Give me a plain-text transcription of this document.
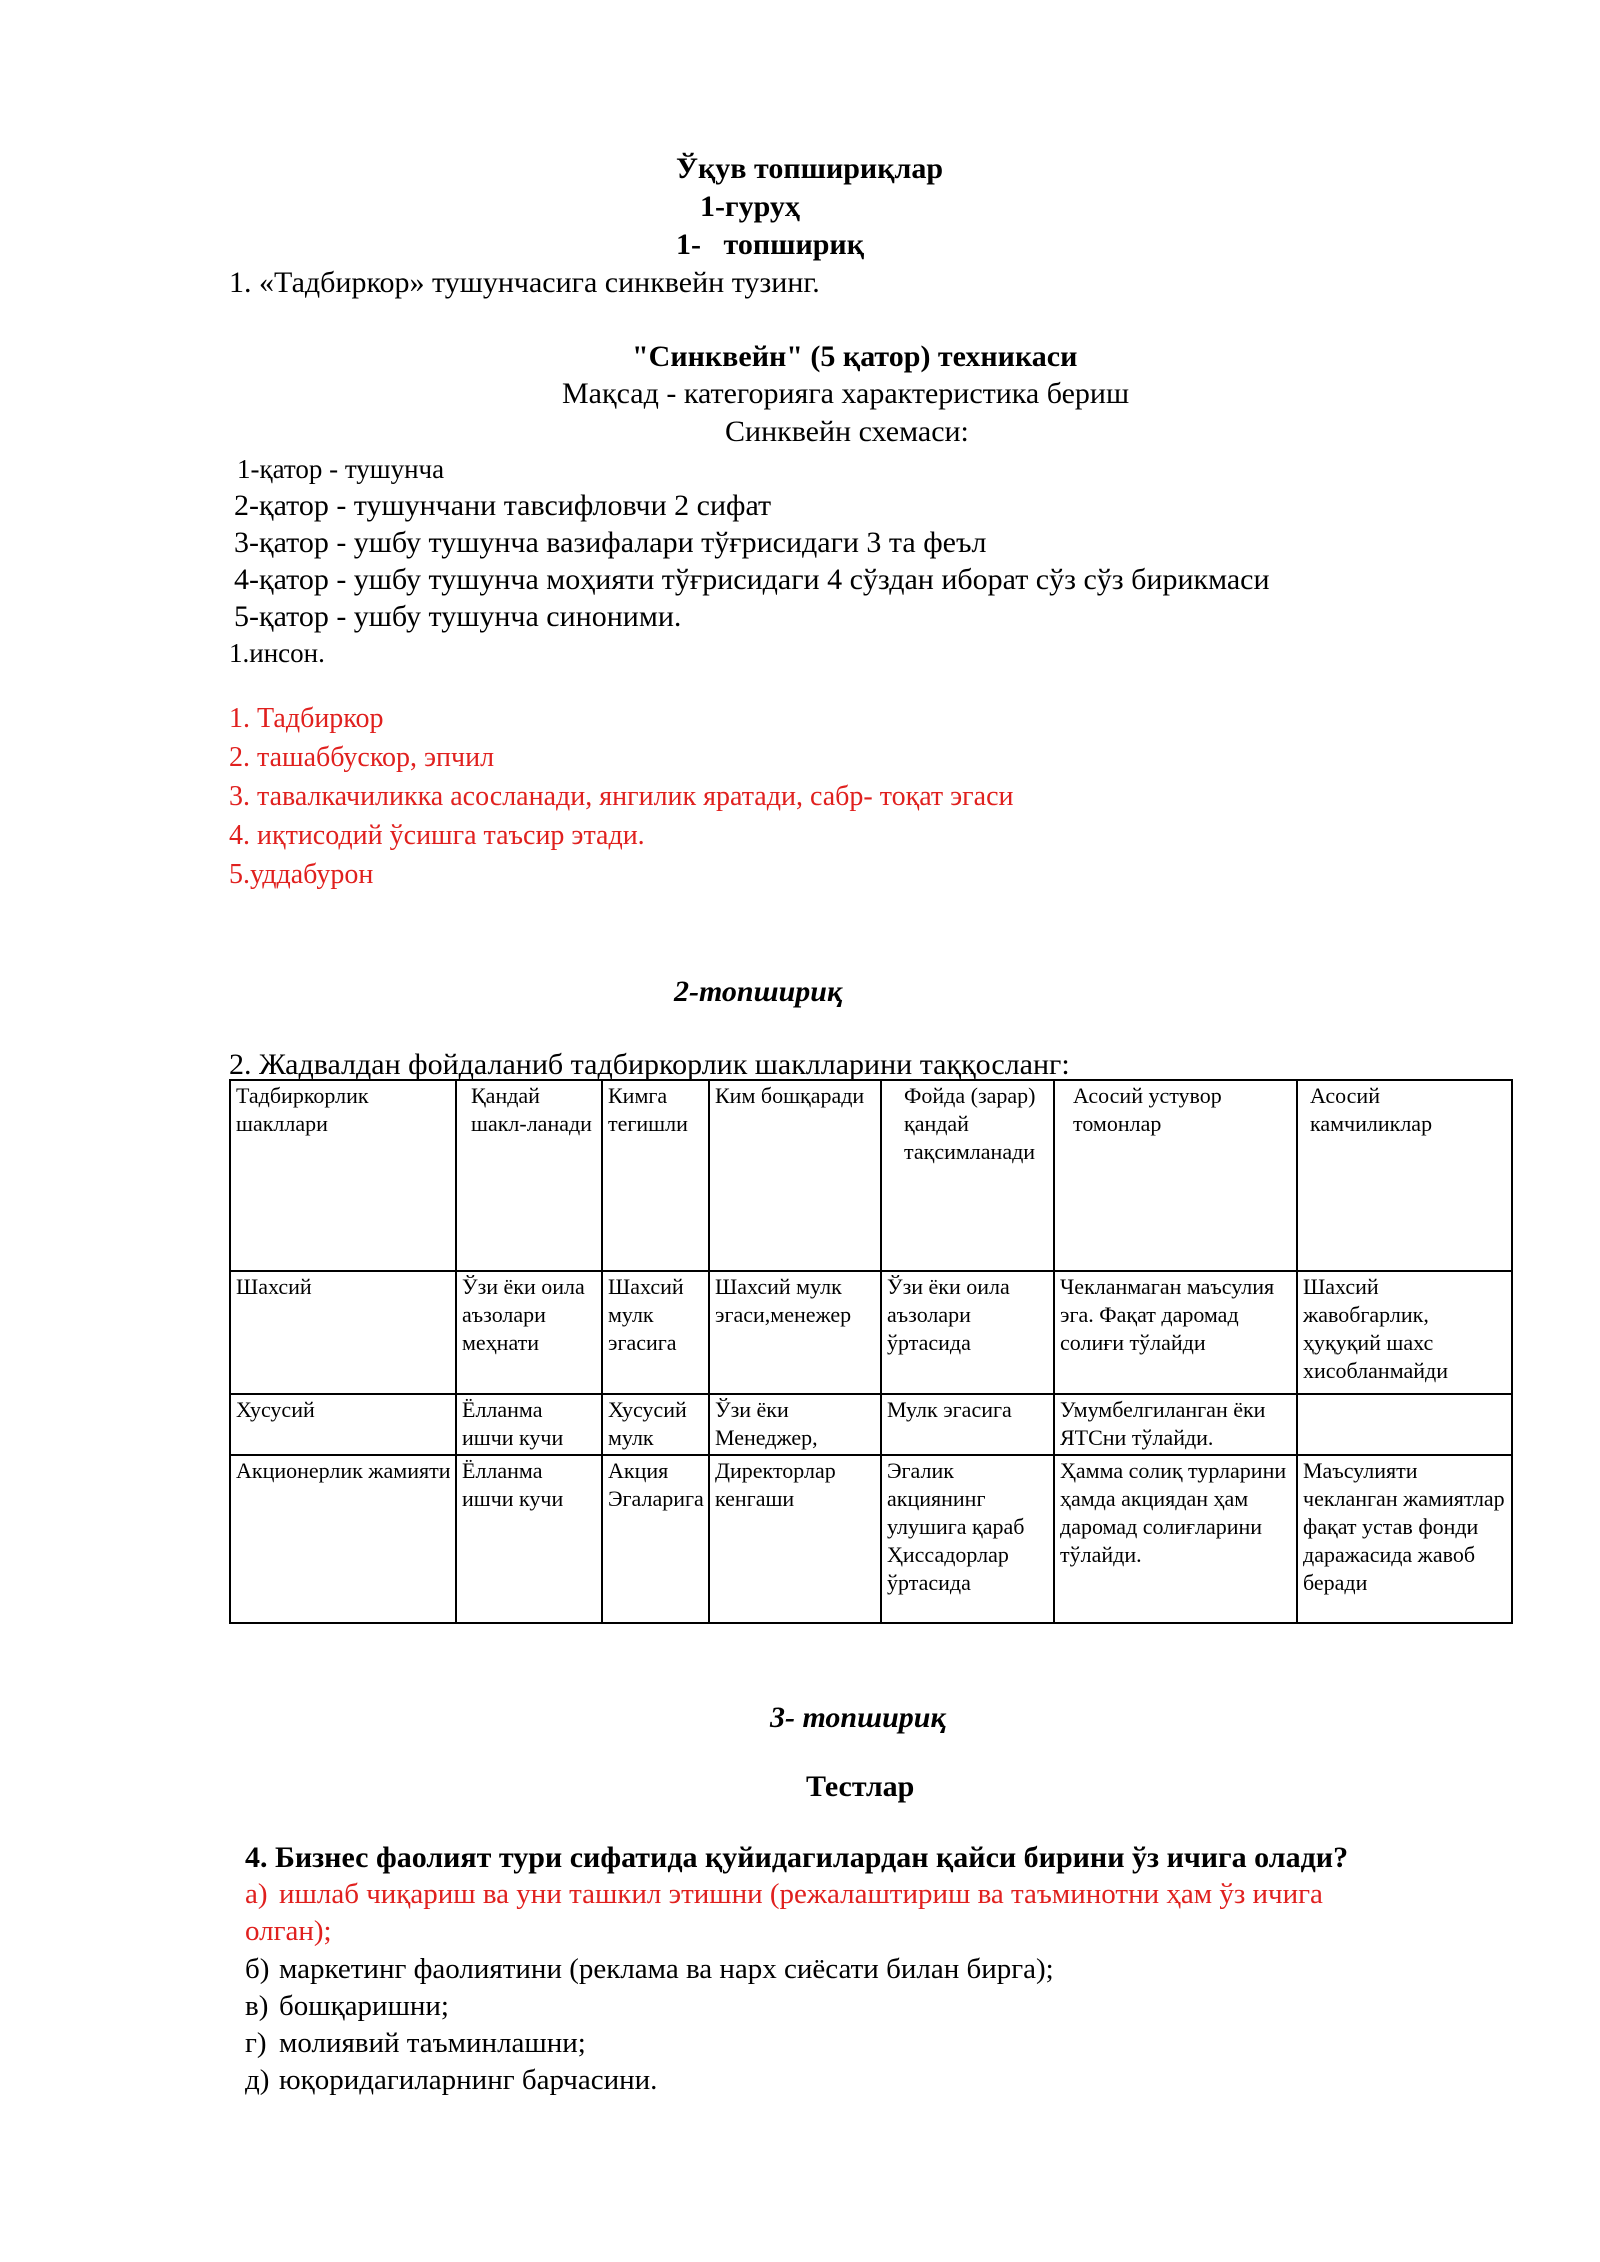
Ўқув топшириқлар
1-гуруҳ
1-   топшириқ
1. «Тадбиркор» тушунчасига синквейн тузинг.
"Синквейн" (5 қатор) техникаси
Мақсад - категорияга характеристика бериш
Синквейн схемаси:
1-қатор - тушунча
2-қатор - тушунчани тавсифловчи 2 сифат
3-қатор - ушбу тушунча вазифалари тўғрисидаги 3 та феъл
4-қатор - ушбу тушунча моҳияти тўғрисидаги 4 сўздан иборат сўз сўз бирикмаси
5-қатор - ушбу тушунча синоними.
1.инсон.
1. Тадбиркор
2. ташаббускор, эпчил
3. тавалкачиликка асосланади, янгилик яратади, сабр- тоқат эгаси
4. иқтисодий ўсишга таъсир этади.
5.уддабурон
2-топшириқ
2. Жадвалдан фойдаланиб тадбиркорлик шаклларини таққосланг:
Тадбиркорлик шакллари	Қандай шакл-ланади	Кимга тегишли	Ким бошқаради	Фойда (зарар) қандай тақсимланади	Асосий устувор томонлар	Асосий камчиликлар
Шахсий	Ўзи ёки оила аъзолари меҳнати	Шахсий мулк эгасига	Шахсий мулк эгаси,менежер	Ўзи ёки оила аъзолари ўртасида	Чекланмаган маъсулия эга. Фақат даромад солиғи тўлайди	Шахсий жавобгарлик, ҳуқуқий шахс хисобланмайди
Хусусий	Ёлланма ишчи кучи	Хусусий мулк	Ўзи ёки Менеджер,	Мулк эгасига	Умумбелгиланган ёки ЯТСни тўлайди.	
Акционерлик жамияти	Ёлланма ишчи кучи	Акция Эгаларига	Директорлар кенгаши	Эгалик акциянинг улушига қараб Ҳиссадорлар ўртасида	Ҳамма солиқ турларини ҳамда акциядан ҳам даромад солиғларини тўлайди.	Маъсулияти чекланган жамиятлар фақат устав фонди даражасида жавоб беради
3- топшириқ
Тестлар
4. Бизнес фаолият тури сифатида қуйидагилардан қайси бирини ўз ичига олади?
а) ишлаб чиқариш ва уни ташкил этишни (режалаштириш ва таъминотни ҳам ўз ичига
олган);
б) маркетинг фаолиятини (реклама ва нарх сиёсати билан бирга);
в) бошқаришни;
г) молиявий таъминлашни;
д) юқоридагиларнинг барчасини.
